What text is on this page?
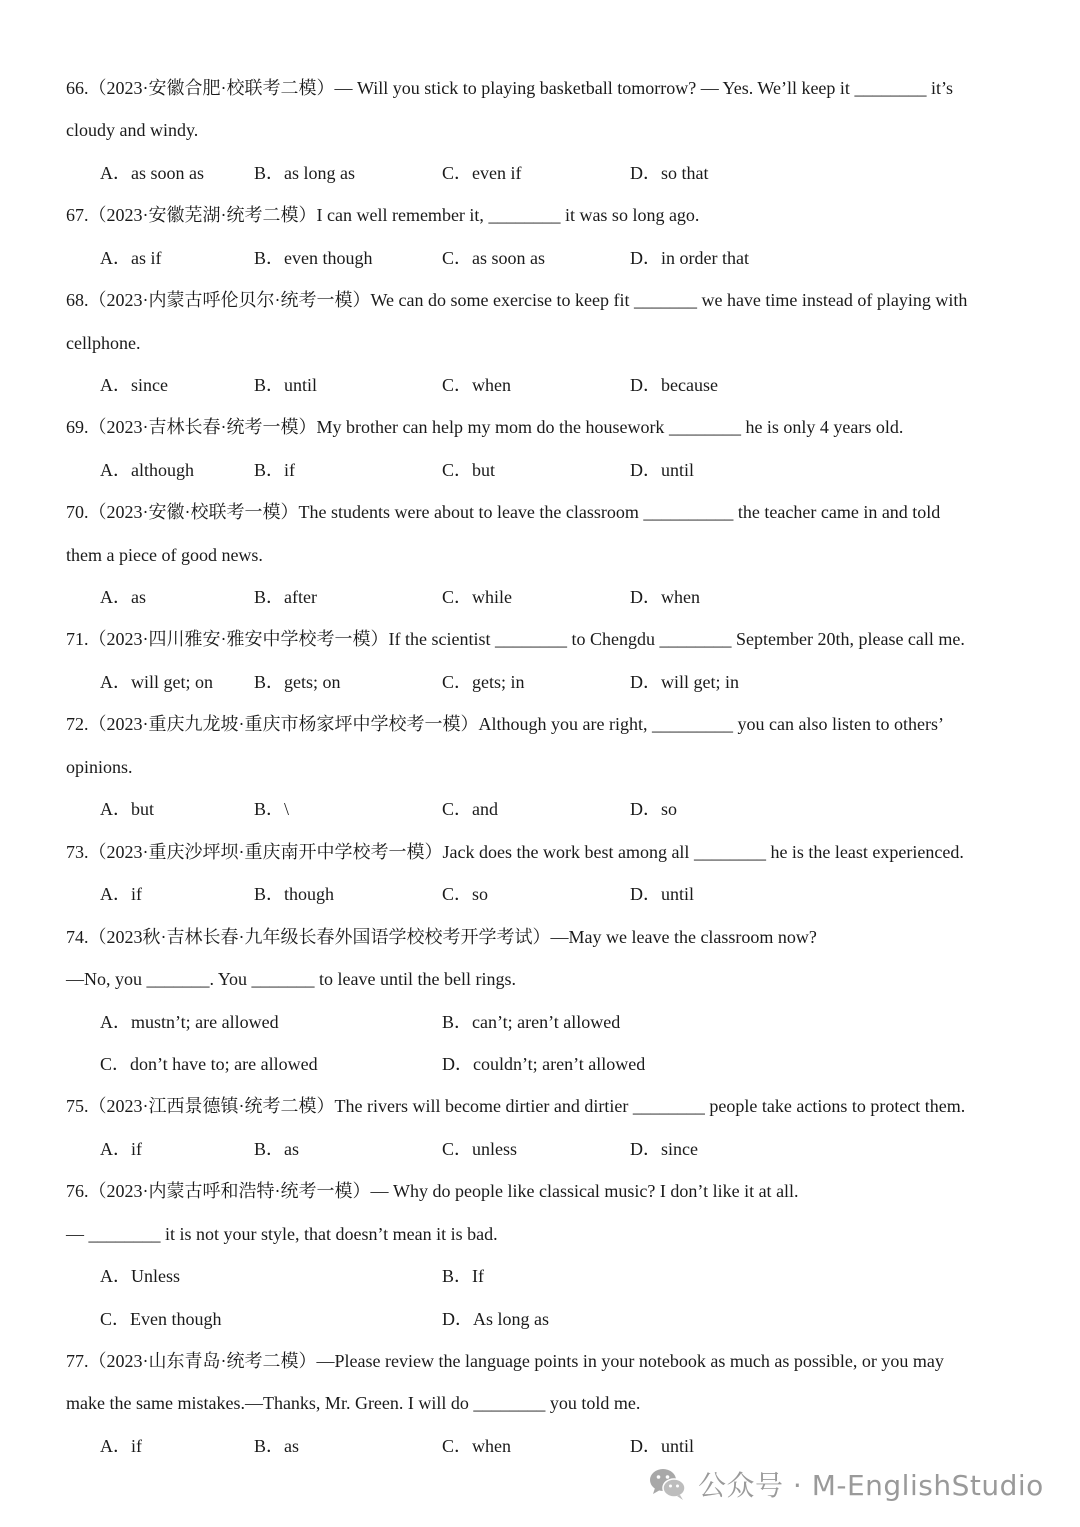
66.（2023·安徽合肥·校联考二模）— Will you stick to playing basketball tomorrow? — Yes. We’ll keep it ________ it’s
cloudy and windy.
A．as soon as	B．as long as	C．even if	D．so that
67.（2023·安徽芜湖·统考二模）I can well remember it, ________ it was so long ago.
A．as if	B．even though	C．as soon as	D．in order that
68.（2023·内蒙古呼伦贝尔·统考一模）We can do some exercise to keep fit _______ we have time instead of playing with
cellphone.
A．since	B．until	C．when	D．because
69.（2023·吉林长春·统考一模）My brother can help my mom do the housework ________ he is only 4 years old.
A．although	B．if	C．but	D．until
70.（2023·安徽·校联考一模）The students were about to leave the classroom __________ the teacher came in and told
them a piece of good news.
A．as	B．after	C．while	D．when
71.（2023·四川雅安·雅安中学校考一模）If the scientist ________ to Chengdu ________ September 20th, please call me.
A．will get; on B．gets; on	C．gets; in	D．will get; in
72.（2023·重庆九龙坡·重庆市杨家坪中学校考一模）Although you are right, _________ you can also listen to others’
opinions.
A．but	B．\	C．and	D．so
73.（2023·重庆沙坪坝·重庆南开中学校考一模）Jack does the work best among all ________ he is the least experienced.
A．if	B．though	C．so	D．until
74.（2023秋·吉林长春·九年级长春外国语学校校考开学考试）—May we leave the classroom now?
—No, you _______. You _______ to leave until the bell rings.
A．mustn’t; are allowed	B．can’t; aren’t allowed
C．don’t have to; are allowed	D．couldn’t; aren’t allowed
75.（2023·江西景德镇·统考二模）The rivers will become dirtier and dirtier ________ people take actions to protect them.
A．if	B．as	C．unless	D．since
76.（2023·内蒙古呼和浩特·统考一模）— Why do people like classical music? I don’t like it at all.
— ________ it is not your style, that doesn’t mean it is bad.
A．Unless	B．If
C．Even though	D．As long as
77.（2023·山东青岛·统考二模）—Please review the language points in your notebook as much as possible, or you may
make the same mistakes.—Thanks, Mr. Green. I will do ________ you told me.
A．if	B．as	C．when	D．until
公众号 · M-EnglishStudio
